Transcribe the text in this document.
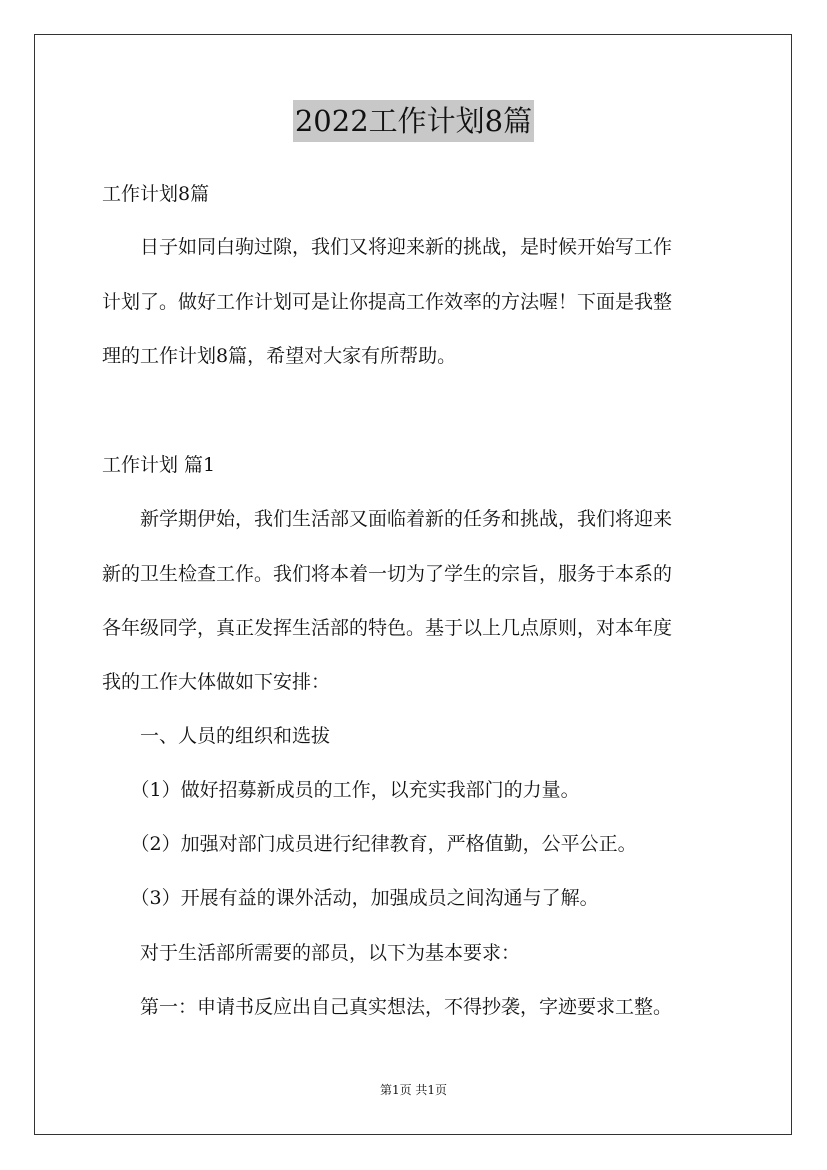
2022工作计划8篇
工作计划8篇
　　日子如同白驹过隙，我们又将迎来新的挑战，是时候开始写工作
计划了。做好工作计划可是让你提高工作效率的方法喔！下面是我整
理的工作计划8篇，希望对大家有所帮助。
工作计划 篇1
　　新学期伊始，我们生活部又面临着新的任务和挑战，我们将迎来
新的卫生检查工作。我们将本着一切为了学生的宗旨，服务于本系的
各年级同学，真正发挥生活部的特色。基于以上几点原则，对本年度
我的工作大体做如下安排：
　　一、人员的组织和选拔
　　（1）做好招募新成员的工作，以充实我部门的力量。
　　（2）加强对部门成员进行纪律教育，严格值勤，公平公正。
　　（3）开展有益的课外活动，加强成员之间沟通与了解。
　　对于生活部所需要的部员，以下为基本要求：
　　第一：申请书反应出自己真实想法，不得抄袭，字迹要求工整。
第1页 共1页
